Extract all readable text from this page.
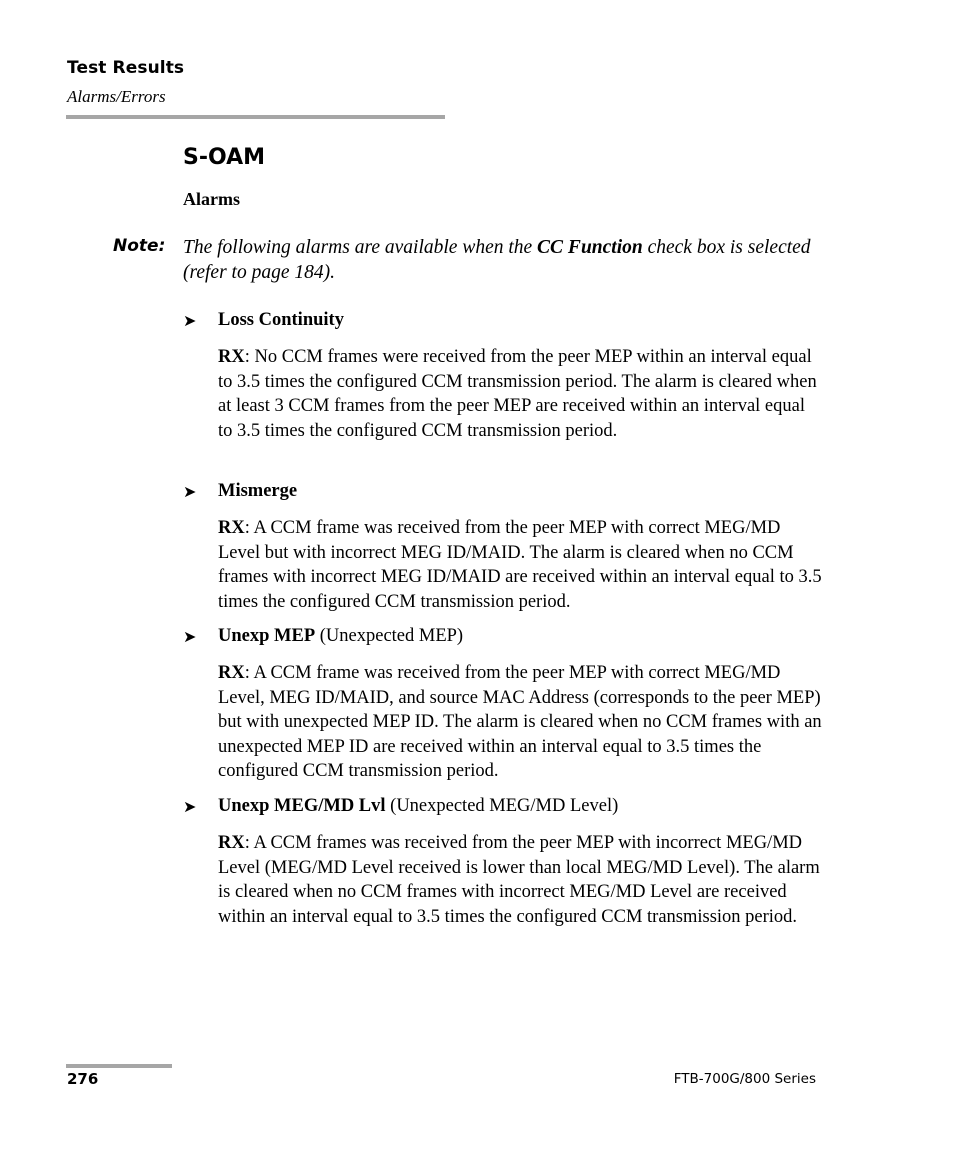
Test Results
Alarms/Errors
S-OAM
Alarms
Note: The following alarms are available when the CC Function check box is selected (refer to page 184).
➤ Loss Continuity
RX: No CCM frames were received from the peer MEP within an interval equal to 3.5 times the configured CCM transmission period. The alarm is cleared when at least 3 CCM frames from the peer MEP are received within an interval equal to 3.5 times the configured CCM transmission period.
➤ Mismerge
RX: A CCM frame was received from the peer MEP with correct MEG/MD Level but with incorrect MEG ID/MAID. The alarm is cleared when no CCM frames with incorrect MEG ID/MAID are received within an interval equal to 3.5 times the configured CCM transmission period.
➤ Unexp MEP (Unexpected MEP)
RX: A CCM frame was received from the peer MEP with correct MEG/MD Level, MEG ID/MAID, and source MAC Address (corresponds to the peer MEP) but with unexpected MEP ID. The alarm is cleared when no CCM frames with an unexpected MEP ID are received within an interval equal to 3.5 times the configured CCM transmission period.
➤ Unexp MEG/MD Lvl (Unexpected MEG/MD Level)
RX: A CCM frames was received from the peer MEP with incorrect MEG/MD Level (MEG/MD Level received is lower than local MEG/MD Level). The alarm is cleared when no CCM frames with incorrect MEG/MD Level are received within an interval equal to 3.5 times the configured CCM transmission period.
276	FTB-700G/800 Series
